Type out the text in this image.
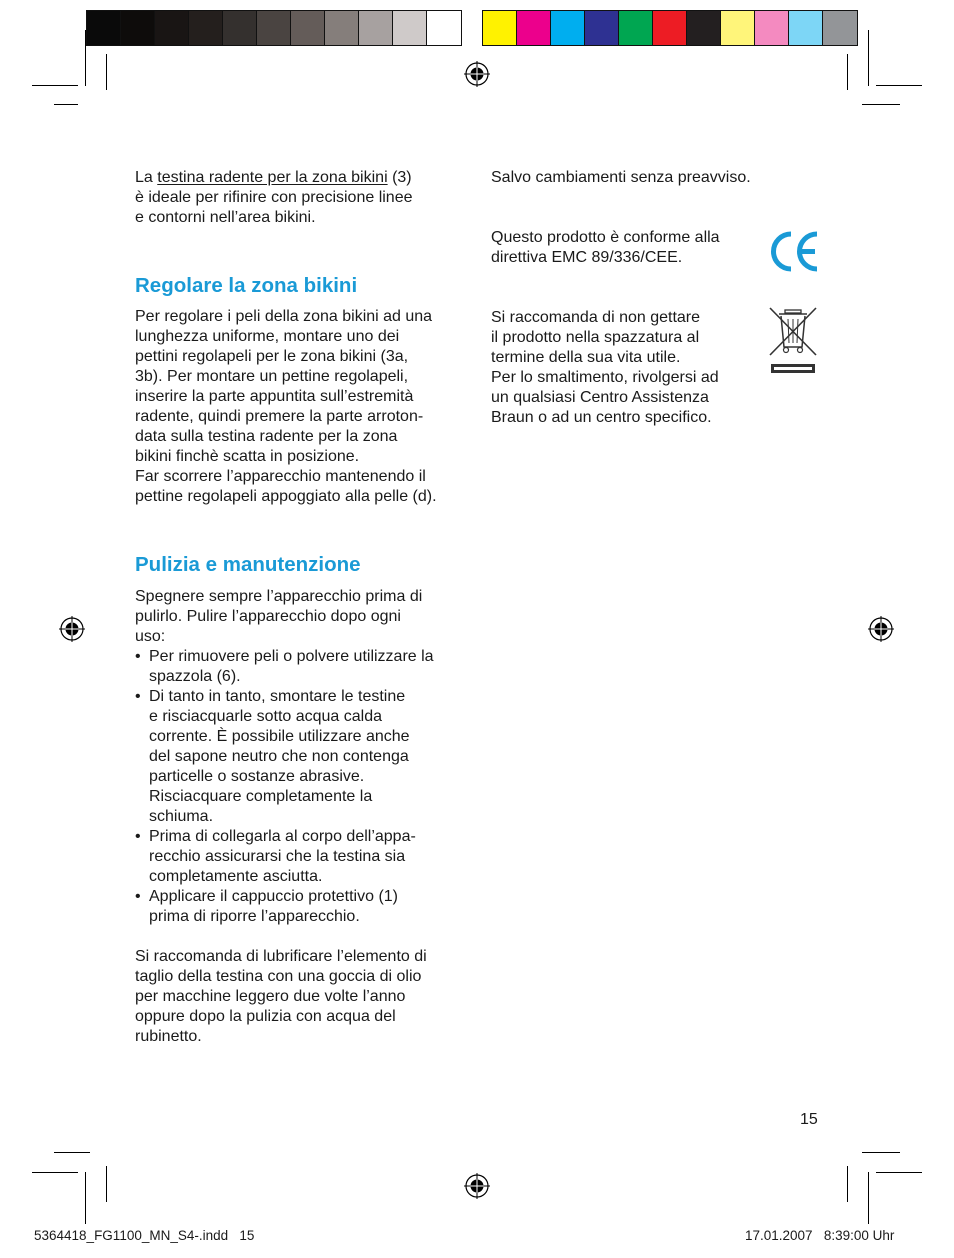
La testina radente per la zona bikini (3)

è ideale per rifinire con precisione linee

e contorni nell’area bikini.

Regolare la zona bikini

Per regolare i peli della zona bikini ad una

lunghezza uniforme, montare uno dei

pettini regolapeli per le zona bikini (3a,

3b). Per montare un pettine regolapeli,

inserire la parte appuntita sull’estremità

radente, quindi premere la parte arroton-

data sulla testina radente per la zona

bikini finchè scatta in posizione.

Far scorrere l’apparecchio mantenendo il

pettine regolapeli appoggiato alla pelle (d).

Pulizia e manutenzione

Spegnere sempre l’apparecchio prima di

pulirlo. Pulire l’apparecchio dopo ogni

uso:

• Per rimuovere peli o polvere utilizzare la
spazzola (6).
• Di tanto in tanto, smontare le testine
e risciacquarle sotto acqua calda
corrente. È possibile utilizzare anche
del sapone neutro che non contenga
particelle o sostanze abrasive.
Risciacquare completamente la
schiuma.
• Prima di collegarla al corpo dell’appa-
recchio assicurarsi che la testina sia
completamente asciutta.
• Applicare il cappuccio protettivo (1)
prima di riporre l’apparecchio.

Si raccomanda di lubrificare l’elemento di

taglio della testina con una goccia di olio

per macchine leggero due volte l’anno

oppure dopo la pulizia con acqua del

rubinetto.

Salvo cambiamenti senza preavviso.

Questo prodotto è conforme alla

direttiva EMC 89/336/CEE.

Si raccomanda di non gettare

il prodotto nella spazzatura al

termine della sua vita utile.

Per lo smaltimento, rivolgersi ad

un qualsiasi Centro Assistenza

Braun o ad un centro specifico.

15
5364418_FG1100_MN_S4-.indd   15	17.01.2007   8:39:00 Uhr
